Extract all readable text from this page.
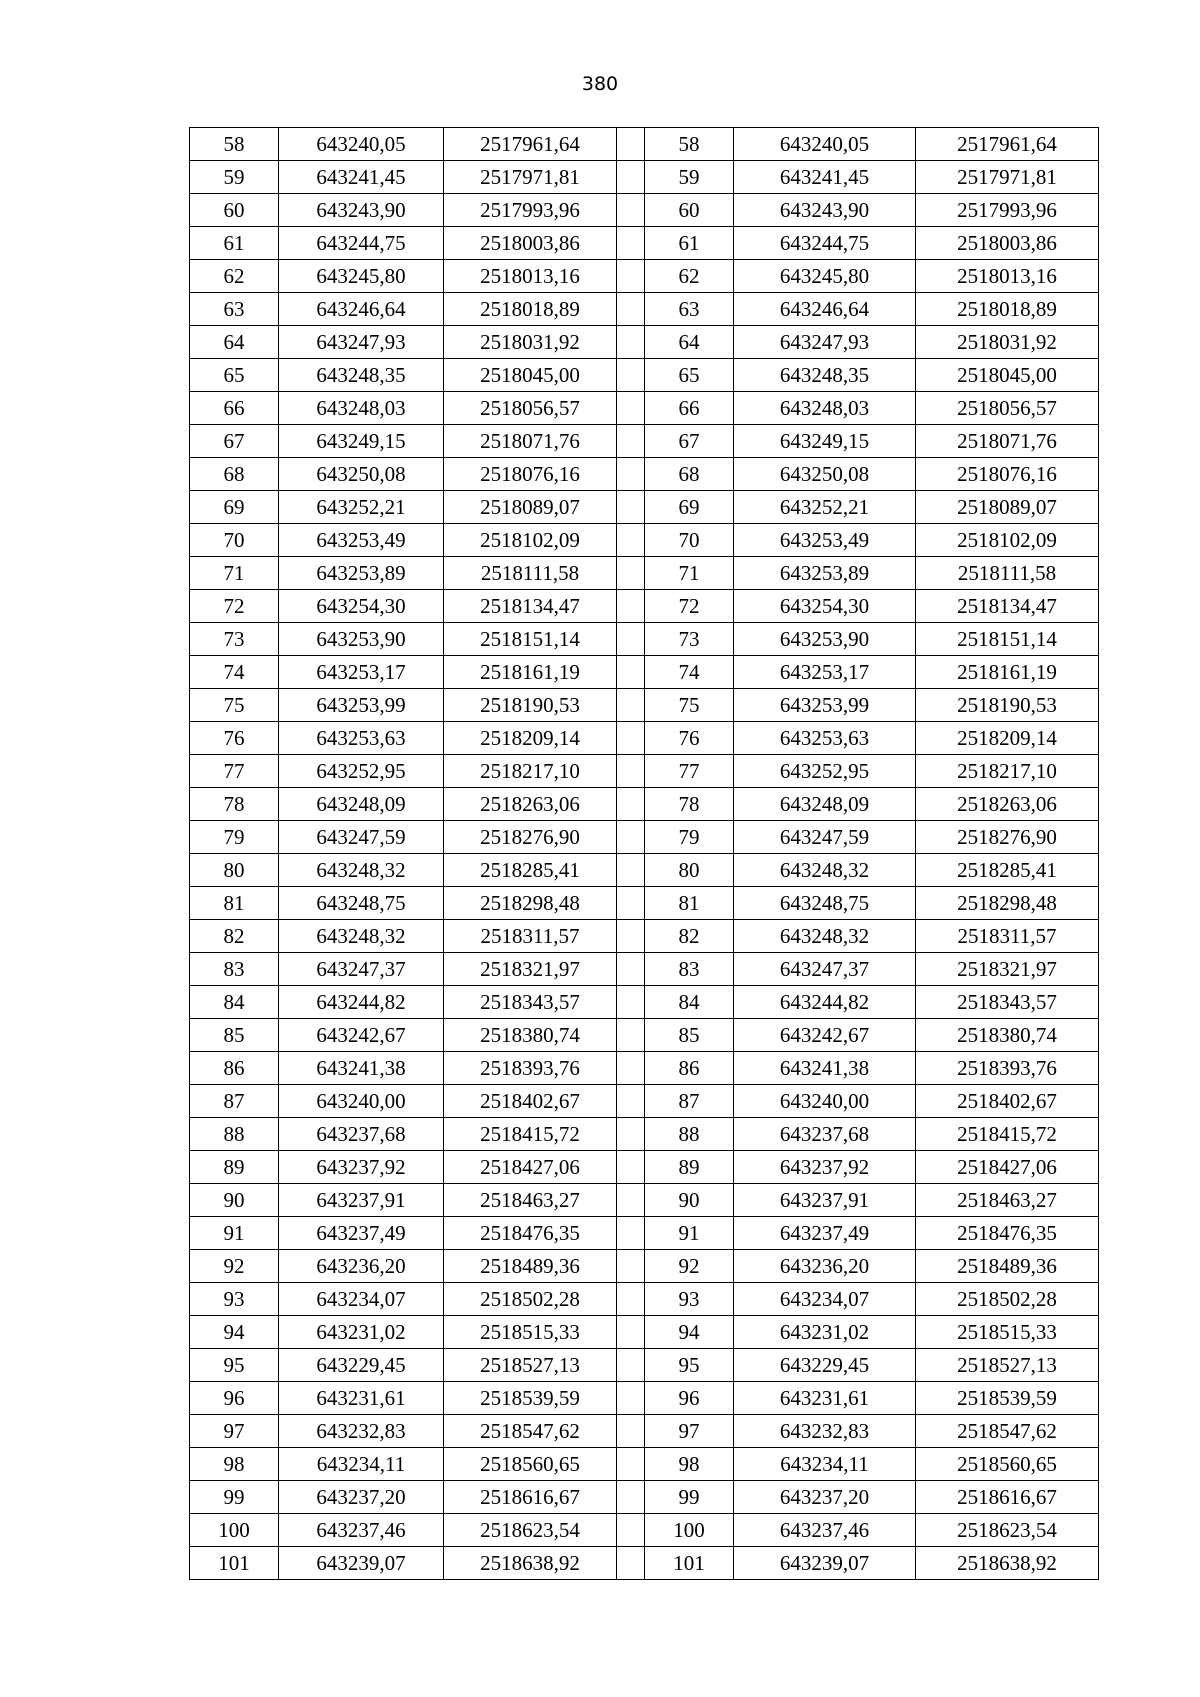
380
58	643240,05	2517961,64		58	643240,05	2517961,64
59	643241,45	2517971,81		59	643241,45	2517971,81
60	643243,90	2517993,96		60	643243,90	2517993,96
61	643244,75	2518003,86		61	643244,75	2518003,86
62	643245,80	2518013,16		62	643245,80	2518013,16
63	643246,64	2518018,89		63	643246,64	2518018,89
64	643247,93	2518031,92		64	643247,93	2518031,92
65	643248,35	2518045,00		65	643248,35	2518045,00
66	643248,03	2518056,57		66	643248,03	2518056,57
67	643249,15	2518071,76		67	643249,15	2518071,76
68	643250,08	2518076,16		68	643250,08	2518076,16
69	643252,21	2518089,07		69	643252,21	2518089,07
70	643253,49	2518102,09		70	643253,49	2518102,09
71	643253,89	2518111,58		71	643253,89	2518111,58
72	643254,30	2518134,47		72	643254,30	2518134,47
73	643253,90	2518151,14		73	643253,90	2518151,14
74	643253,17	2518161,19		74	643253,17	2518161,19
75	643253,99	2518190,53		75	643253,99	2518190,53
76	643253,63	2518209,14		76	643253,63	2518209,14
77	643252,95	2518217,10		77	643252,95	2518217,10
78	643248,09	2518263,06		78	643248,09	2518263,06
79	643247,59	2518276,90		79	643247,59	2518276,90
80	643248,32	2518285,41		80	643248,32	2518285,41
81	643248,75	2518298,48		81	643248,75	2518298,48
82	643248,32	2518311,57		82	643248,32	2518311,57
83	643247,37	2518321,97		83	643247,37	2518321,97
84	643244,82	2518343,57		84	643244,82	2518343,57
85	643242,67	2518380,74		85	643242,67	2518380,74
86	643241,38	2518393,76		86	643241,38	2518393,76
87	643240,00	2518402,67		87	643240,00	2518402,67
88	643237,68	2518415,72		88	643237,68	2518415,72
89	643237,92	2518427,06		89	643237,92	2518427,06
90	643237,91	2518463,27		90	643237,91	2518463,27
91	643237,49	2518476,35		91	643237,49	2518476,35
92	643236,20	2518489,36		92	643236,20	2518489,36
93	643234,07	2518502,28		93	643234,07	2518502,28
94	643231,02	2518515,33		94	643231,02	2518515,33
95	643229,45	2518527,13		95	643229,45	2518527,13
96	643231,61	2518539,59		96	643231,61	2518539,59
97	643232,83	2518547,62		97	643232,83	2518547,62
98	643234,11	2518560,65		98	643234,11	2518560,65
99	643237,20	2518616,67		99	643237,20	2518616,67
100	643237,46	2518623,54		100	643237,46	2518623,54
101	643239,07	2518638,92		101	643239,07	2518638,92
